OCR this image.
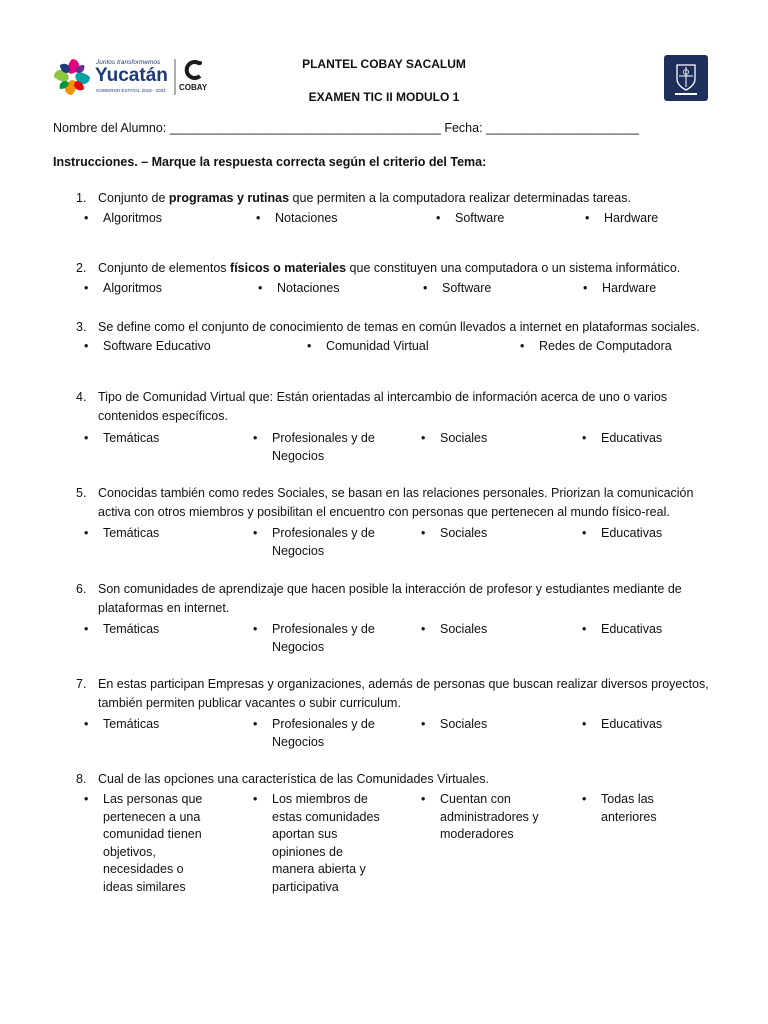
Juntos transformemos
Yucatán
GOBIERNO ESTATAL 2018 - 2024 COBAY
PLANTEL COBAY SACALUM
EXAMEN TIC II MODULO 1
Nombre del Alumno: _______________________________________ Fecha: ______________________
Instrucciones. – Marque la respuesta correcta según el criterio del Tema:
1. Conjunto de programas y rutinas que permiten a la computadora realizar determinadas tareas.
• Algoritmos	• Notaciones	• Software	• Hardware
2. Conjunto de elementos físicos o materiales que constituyen una computadora o un sistema informático.
• Algoritmos	• Notaciones	• Software	• Hardware
3. Se define como el conjunto de conocimiento de temas en común llevados a internet en plataformas sociales.
• Software Educativo	• Comunidad Virtual	• Redes de Computadora
4. Tipo de Comunidad Virtual que: Están orientadas al intercambio de información acerca de uno o varios
contenidos específicos.
• Temáticas	• Profesionales y de
Negocios
• Sociales	• Educativas
5. Conocidas también como redes Sociales, se basan en las relaciones personales. Priorizan la comunicación
activa con otros miembros y posibilitan el encuentro con personas que pertenecen al mundo físico-real.
• Temáticas	• Profesionales y de
Negocios
• Sociales	• Educativas
6. Son comunidades de aprendizaje que hacen posible la interacción de profesor y estudiantes mediante de
plataformas en internet.
• Temáticas	• Profesionales y de
Negocios
• Sociales	• Educativas
7. En estas participan Empresas y organizaciones, además de personas que buscan realizar diversos proyectos,
también permiten publicar vacantes o subir curriculum.
• Temáticas	• Profesionales y de
Negocios
• Sociales	• Educativas
8. Cual de las opciones una característica de las Comunidades Virtuales.
• Las personas que
pertenecen a una
comunidad tienen
objetivos,
necesidades o
ideas similares
• Los miembros de
estas comunidades
aportan sus
opiniones de
manera abierta y
participativa
• Cuentan con
administradores y
moderadores
• Todas las
anteriores
